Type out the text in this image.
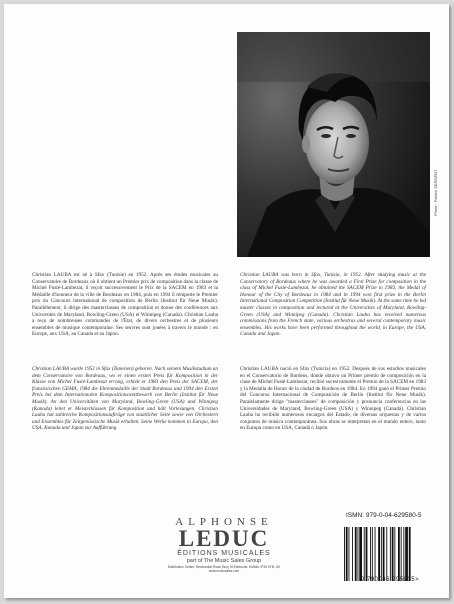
Photo : Patrick SERGENT

Christian LAUBA est né à Sfax (Tunisie) en 1952. Après ses études musicales au Conservatoire de Bordeaux où il obtient un Premier prix de composition dans la classe de Michel Fusté-Lambezat, il reçoit successivement le Prix de la SACEM en 1983 et la Médaille d'honneur de la ville de Bordeaux en 1984, puis en 1994 il remporte le Premier prix du Concours international de composition de Berlin (Institut für Neue Musik). Parallèlement, il dirige des masterclasses de composition et donne des conférences aux Universités de Maryland, Bowling-Green (USA) et Winnipeg (Canada). Christian Lauba a reçu de nombreuses commandes de l'État, de divers orchestres et de plusieurs ensembles de musique contemporaine. Ses œuvres sont jouées à travers le monde : en Europe, aux USA, au Canada et au Japon.

Christian LAUBA was born in Sfax, Tunisia, in 1952. After studying music at the Conservatory of Bordeaux where he was awarded a First Prize for composition in the class of Michel Fusté-Lambezat, he obtained the SACEM Prize in 1983, the Medal of Honour of the City of Bordeaux in 1984 and in 1994 won first prize in the Berlin International Composition Competition (Institut für Neue Musik). At the same time he led master classes in composition and lectured at the Universities of Maryland, Bowling-Green (USA) and Winnipeg (Canada). Christian Lauba has received numerous commissions from the French state, various orchestras and several contemporary music ensembles. His works have been performed throughout the world, in Europe, the USA, Canada and Japan.

Christian LAUBA wurde 1952 in Sfax (Tunesien) geboren. Nach seinem Musikstudium an dem Conservatoire von Bordeaux, wo er einen ersten Preis für Komposition in der Klasse von Michel Fusté-Lambezat errang, erhielt er 1983 den Preis der SACEM, der französischen GEMA, 1984 die Ehrenmedaille der Stadt Bordeaux und 1994 den Ersten Preis bei dem Internationalen Kompositionswettbewerb von Berlin (Institut für Neue Musik). An den Universitäten von Maryland, Bowling-Green (USA) und Winnipeg (Kanada) leitet er Meisterklassen für Komposition und hält Vorlesungen. Christian Lauba hat zahlreiche Kompositionsaufträge von staatlicher Seite sowie von Orchestern und Ensembles für Zeitgenössische Musik erhalten. Seine Werke kommen in Europa, den USA, Kanada und Japan zur Aufführung.

Christian LAUBA nació en Sfax (Tunicia) en 1952. Después de sus estudios musicales en el Conservatorio de Burdeos, donde obtuvo un Primer premio de composición en la clase de Michel Fusté-Lambezat, recibió sucesivamente el Premio de la SACEM en 1983 y la Medalla de Honor de la ciudad de Burdeos en 1984. En 1994 ganó el Primer Premio del Concurso Internacional de Composición de Berlín (Institut für Neue Musik). Paralelamente dirige "masterclasses" de composición y pronuncia conferencias en las Universidades de Maryland, Bowling-Green (USA) y Winnipeg (Canadá). Christian Lauba ha recibido numerosos encargos del Estado, de diversas orquestas y de varios conjuntos de música contemporánea. Sus obras se interpretan en el mundo entero, tanto en Europa como en USA, Canadá o Japón.

ALPHONSE
LEDUC
ÉDITIONS MUSICALES
part of The Music Sales Group
Distribution Centre, Newmarket Road, Bury St Edmunds, Suffolk, IP33 3YB, UK
www.musicsales.com
ISMN: 979-0-04-629580-5
9 790046 295805>
